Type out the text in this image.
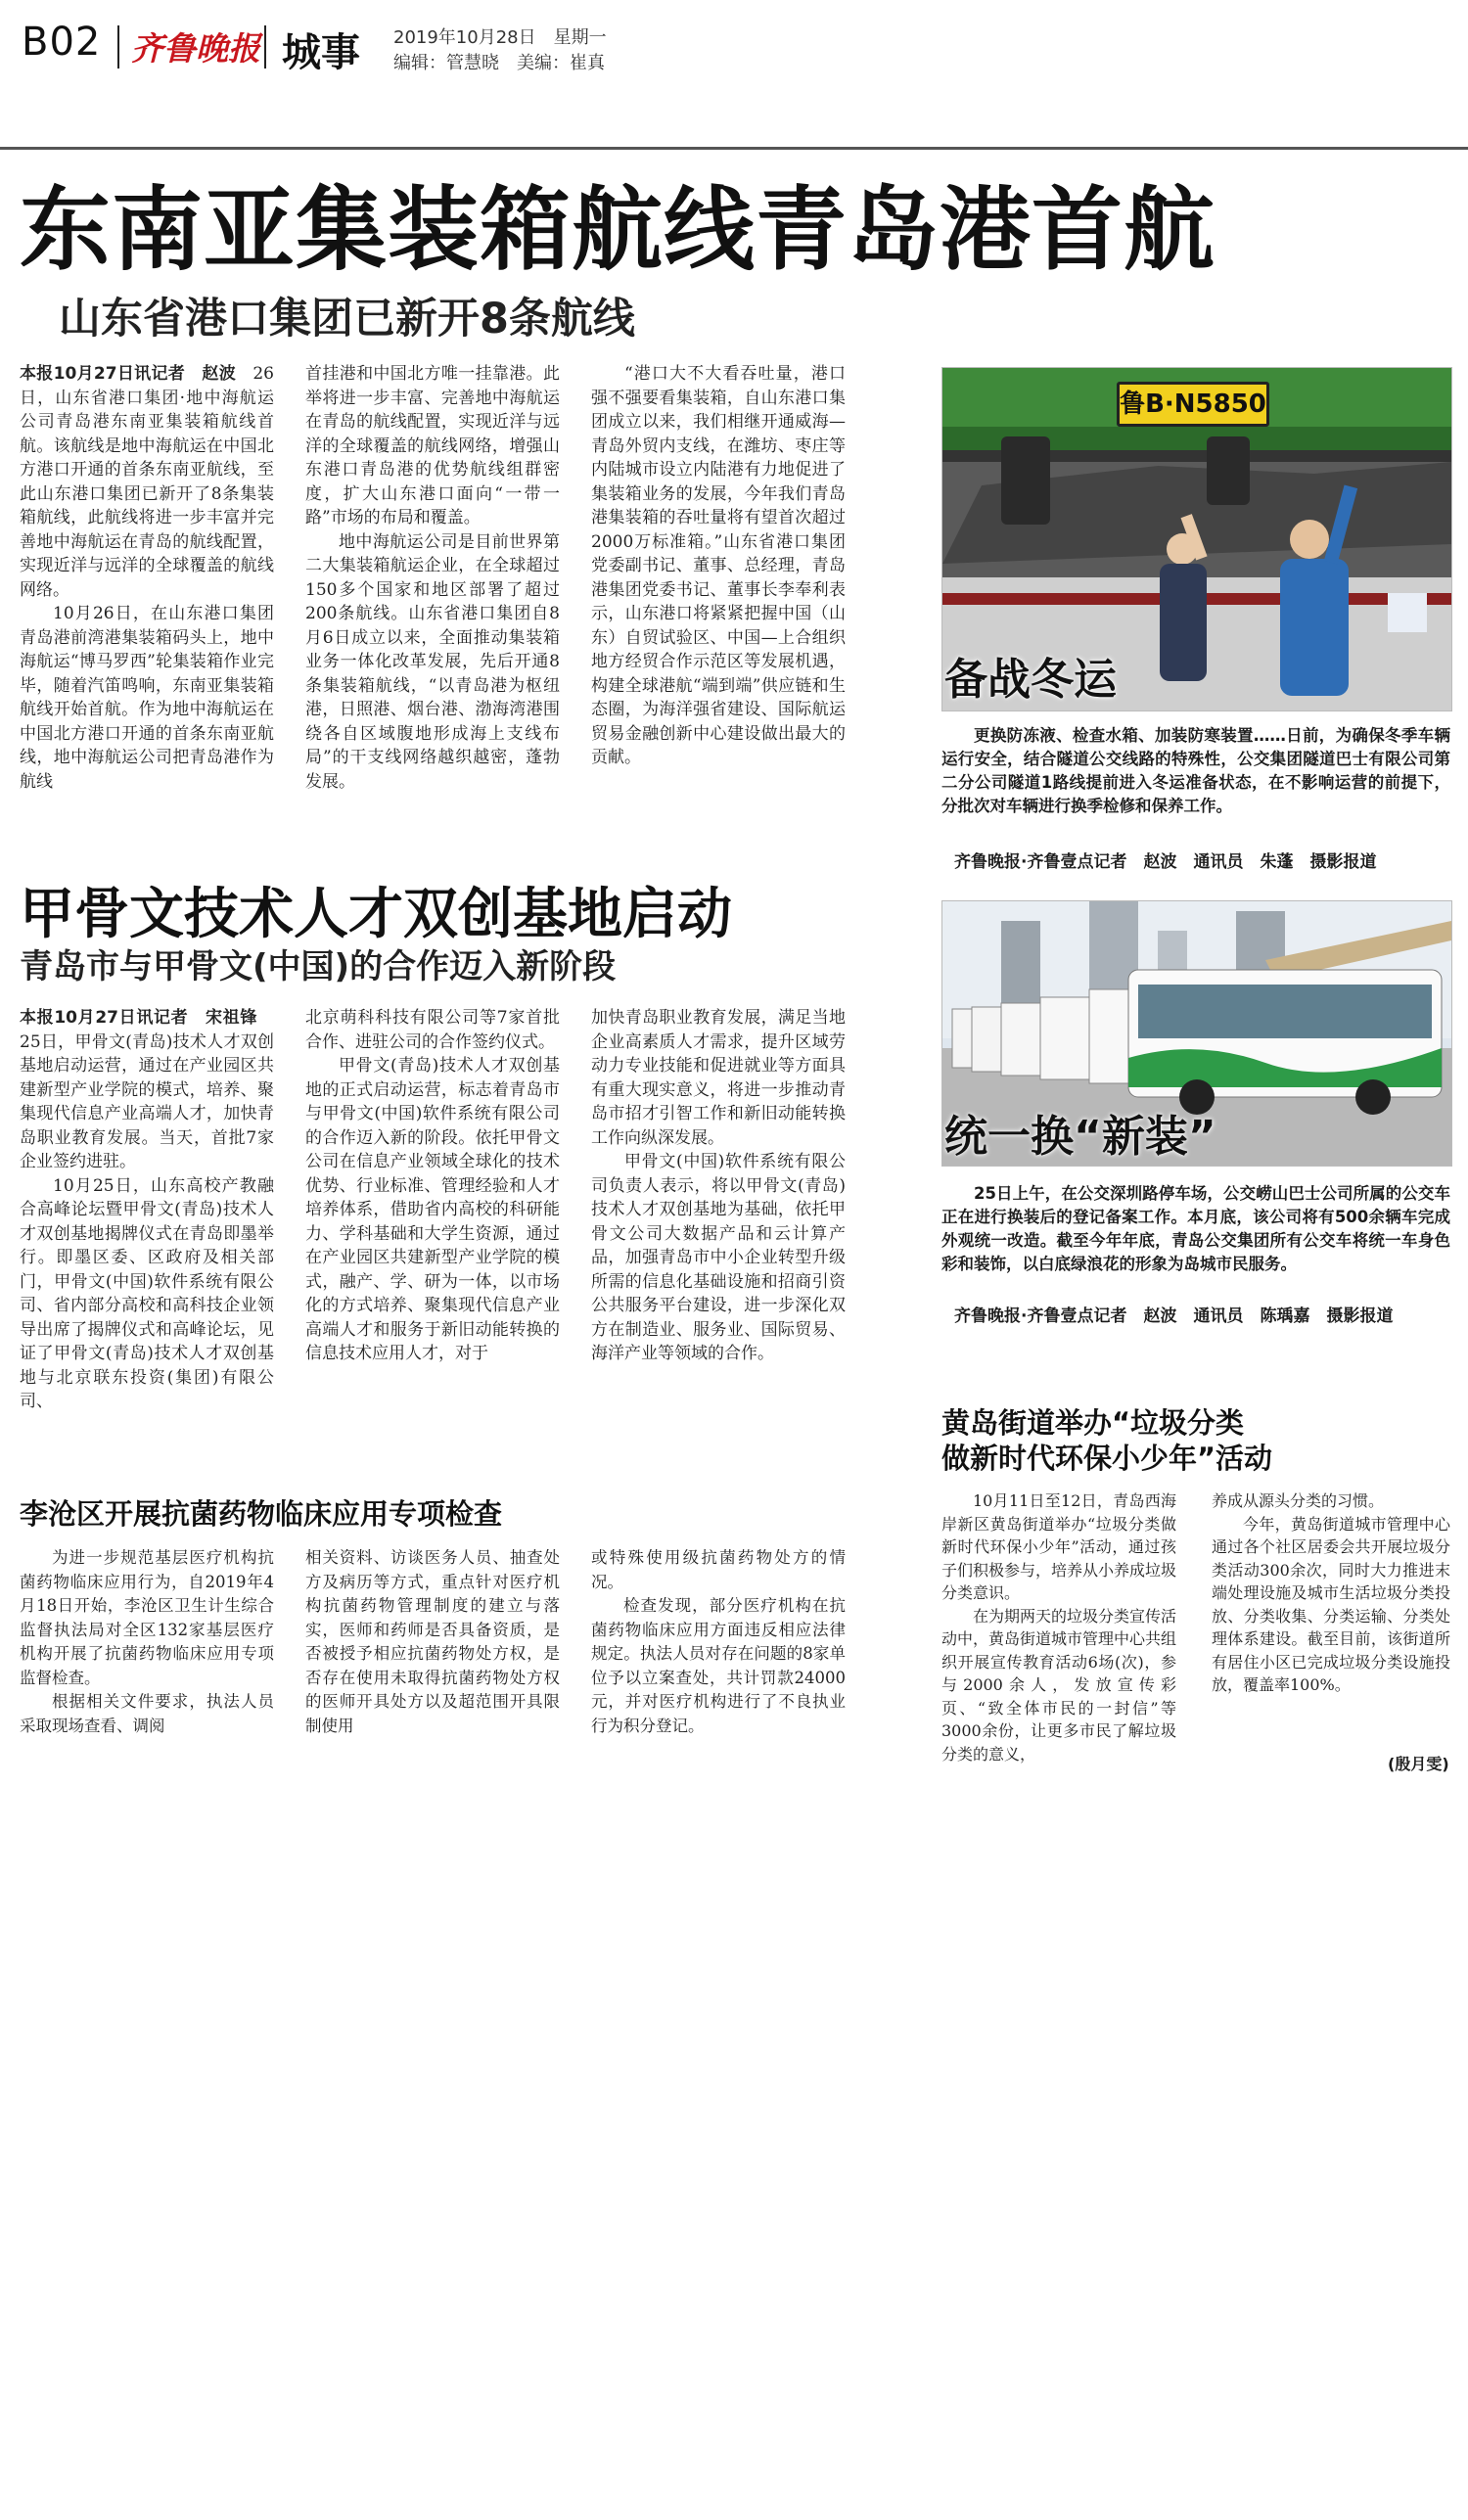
B02 齐鲁晚报 城事 2019年10月28日　星期一
编辑：管慧晓　美编：崔真
东南亚集装箱航线青岛港首航
山东省港口集团已新开8条航线

本报10月27日讯记者　赵波　26日，山东省港口集团·地中海航运公司青岛港东南亚集装箱航线首航。该航线是地中海航运在中国北方港口开通的首条东南亚航线，至此山东港口集团已新开了8条集装箱航线，此航线将进一步丰富并完善地中海航运在青岛的航线配置，实现近洋与远洋的全球覆盖的航线网络。

10月26日，在山东港口集团青岛港前湾港集装箱码头上，地中海航运“博马罗西”轮集装箱作业完毕，随着汽笛鸣响，东南亚集装箱航线开始首航。作为地中海航运在中国北方港口开通的首条东南亚航线，地中海航运公司把青岛港作为航线

首挂港和中国北方唯一挂靠港。此举将进一步丰富、完善地中海航运在青岛的航线配置，实现近洋与远洋的全球覆盖的航线网络，增强山东港口青岛港的优势航线组群密度，扩大山东港口面向“一带一路”市场的布局和覆盖。

地中海航运公司是目前世界第二大集装箱航运企业，在全球超过150多个国家和地区部署了超过200条航线。山东省港口集团自8月6日成立以来，全面推动集装箱业务一体化改革发展，先后开通8条集装箱航线，“以青岛港为枢纽港，日照港、烟台港、渤海湾港围绕各自区域腹地形成海上支线布局”的干支线网络越织越密，蓬勃发展。

“港口大不大看吞吐量，港口强不强要看集装箱，自山东港口集团成立以来，我们相继开通威海—青岛外贸内支线，在潍坊、枣庄等内陆城市设立内陆港有力地促进了集装箱业务的发展，今年我们青岛港集装箱的吞吐量将有望首次超过2000万标准箱。”山东省港口集团党委副书记、董事、总经理，青岛港集团党委书记、董事长李奉利表示，山东港口将紧紧把握中国（山东）自贸试验区、中国—上合组织地方经贸合作示范区等发展机遇，构建全球港航“端到端”供应链和生态圈，为海洋强省建设、国际航运贸易金融创新中心建设做出最大的贡献。

鲁B·N5850
备战冬运

更换防冻液、检查水箱、加装防寒装置……日前，为确保冬季车辆运行安全，结合隧道公交线路的特殊性，公交集团隧道巴士有限公司第二分公司隧道1路线提前进入冬运准备状态，在不影响运营的前提下，分批次对车辆进行换季检修和保养工作。

齐鲁晚报·齐鲁壹点记者　赵波　通讯员　朱蓬　摄影报道
甲骨文技术人才双创基地启动
青岛市与甲骨文(中国)的合作迈入新阶段

本报10月27日讯记者　宋祖锋　25日，甲骨文(青岛)技术人才双创基地启动运营，通过在产业园区共建新型产业学院的模式，培养、聚集现代信息产业高端人才，加快青岛职业教育发展。当天，首批7家企业签约进驻。

10月25日，山东高校产教融合高峰论坛暨甲骨文(青岛)技术人才双创基地揭牌仪式在青岛即墨举行。即墨区委、区政府及相关部门，甲骨文(中国)软件系统有限公司、省内部分高校和高科技企业领导出席了揭牌仪式和高峰论坛，见证了甲骨文(青岛)技术人才双创基地与北京联东投资(集团)有限公司、

北京萌科科技有限公司等7家首批合作、进驻公司的合作签约仪式。

甲骨文(青岛)技术人才双创基地的正式启动运营，标志着青岛市与甲骨文(中国)软件系统有限公司的合作迈入新的阶段。依托甲骨文公司在信息产业领域全球化的技术优势、行业标准、管理经验和人才培养体系，借助省内高校的科研能力、学科基础和大学生资源，通过在产业园区共建新型产业学院的模式，融产、学、研为一体，以市场化的方式培养、聚集现代信息产业高端人才和服务于新旧动能转换的信息技术应用人才，对于

加快青岛职业教育发展，满足当地企业高素质人才需求，提升区域劳动力专业技能和促进就业等方面具有重大现实意义，将进一步推动青岛市招才引智工作和新旧动能转换工作向纵深发展。

甲骨文(中国)软件系统有限公司负责人表示，将以甲骨文(青岛)技术人才双创基地为基础，依托甲骨文公司大数据产品和云计算产品，加强青岛市中小企业转型升级所需的信息化基础设施和招商引资公共服务平台建设，进一步深化双方在制造业、服务业、国际贸易、海洋产业等领域的合作。

统一换“新装”

25日上午，在公交深圳路停车场，公交崂山巴士公司所属的公交车正在进行换装后的登记备案工作。本月底，该公司将有500余辆车完成外观统一改造。截至今年年底，青岛公交集团所有公交车将统一车身色彩和装饰，以白底绿浪花的形象为岛城市民服务。

齐鲁晚报·齐鲁壹点记者　赵波　通讯员　陈瑀嘉　摄影报道
李沧区开展抗菌药物临床应用专项检查

为进一步规范基层医疗机构抗菌药物临床应用行为，自2019年4月18日开始，李沧区卫生计生综合监督执法局对全区132家基层医疗机构开展了抗菌药物临床应用专项监督检查。

根据相关文件要求，执法人员采取现场查看、调阅

相关资料、访谈医务人员、抽查处方及病历等方式，重点针对医疗机构抗菌药物管理制度的建立与落实，医师和药师是否具备资质，是否被授予相应抗菌药物处方权，是否存在使用未取得抗菌药物处方权的医师开具处方以及超范围开具限制使用

或特殊使用级抗菌药物处方的情况。

检查发现，部分医疗机构在抗菌药物临床应用方面违反相应法律规定。执法人员对存在问题的8家单位予以立案查处，共计罚款24000元，并对医疗机构进行了不良执业行为积分登记。

黄岛街道举办“垃圾分类
做新时代环保小少年”活动

10月11日至12日，青岛西海岸新区黄岛街道举办“垃圾分类做新时代环保小少年”活动，通过孩子们积极参与，培养从小养成垃圾分类意识。

在为期两天的垃圾分类宣传活动中，黄岛街道城市管理中心共组织开展宣传教育活动6场(次)，参与2000余人，发放宣传彩页、“致全体市民的一封信”等3000余份，让更多市民了解垃圾分类的意义，

养成从源头分类的习惯。

今年，黄岛街道城市管理中心通过各个社区居委会共开展垃圾分类活动300余次，同时大力推进末端处理设施及城市生活垃圾分类投放、分类收集、分类运输、分类处理体系建设。截至目前，该街道所有居住小区已完成垃圾分类设施投放，覆盖率100%。

(殷月雯)
